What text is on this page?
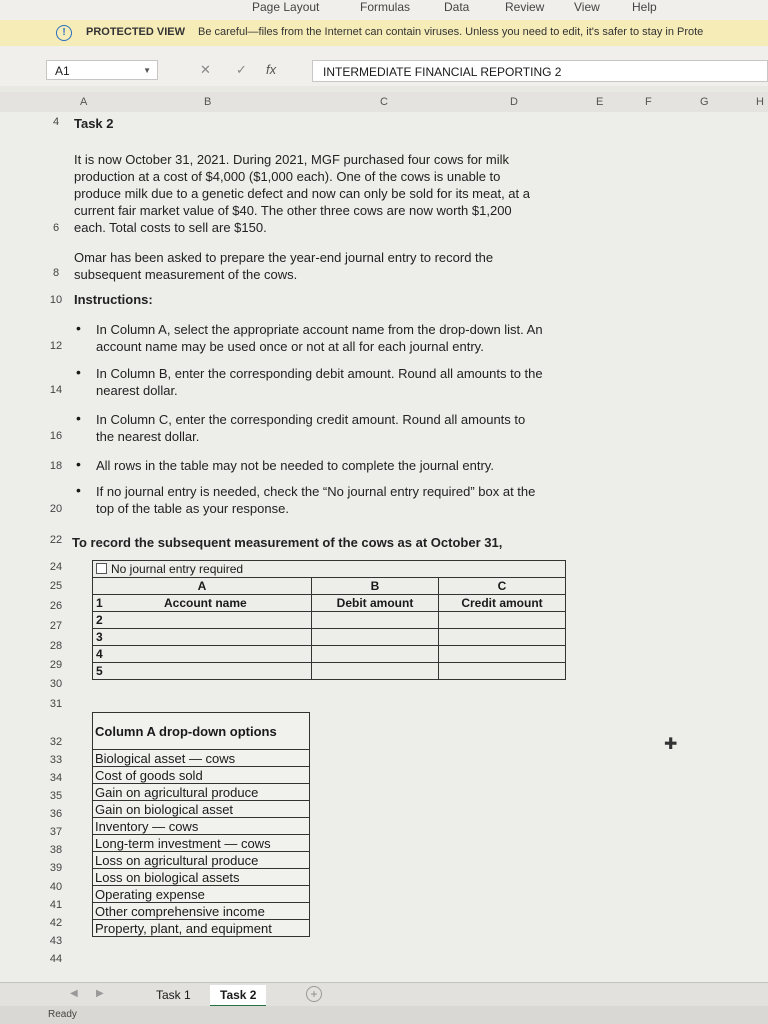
Page Layout	Formulas	Data	Review View	Help
!	PROTECTED VIEW Be careful—files from the Internet can contain viruses. Unless you need to edit, it's safer to stay in Prote
A1	▼	✕ ✓ fx	INTERMEDIATE FINANCIAL REPORTING 2
A	B	C	D	E	F	G	H
4
6
8
10
12
14
16
18
20
22
24
25
26
27
28
29
30
31
32
33
34
35
36
37
38
39
40
41
42
43
44
Task 2
It is now October 31, 2021. During 2021, MGF purchased four cows for milk
production at a cost of $4,000 ($1,000 each). One of the cows is unable to
produce milk due to a genetic defect and now can only be sold for its meat, at a
current fair market value of $40. The other three cows are now worth $1,200
each. Total costs to sell are $150.
Omar has been asked to prepare the year-end journal entry to record the
subsequent measurement of the cows.
Instructions:
• In Column A, select the appropriate account name from the drop-down list. An
account name may be used once or not at all for each journal entry.
• In Column B, enter the corresponding debit amount. Round all amounts to the
nearest dollar.
• In Column C, enter the corresponding credit amount. Round all amounts to
the nearest dollar.
• All rows in the table may not be needed to complete the journal entry.
• If no journal entry is needed, check the “No journal entry required” box at the
top of the table as your response.
To record the subsequent measurement of the cows as at October 31,
No journal entry required		
A	B	C

1 Account name	Debit amount	Credit amount
2		
3		
4		
5		
Column A drop-down options
Biological asset — cows
Cost of goods sold
Gain on agricultural produce
Gain on biological asset
Inventory — cows
Long-term investment — cows
Loss on agricultural produce
Loss on biological assets
Operating expense
Other comprehensive income
Property, plant, and equipment
✚
◀ ▶	Task 1	Task 2	+
Ready
